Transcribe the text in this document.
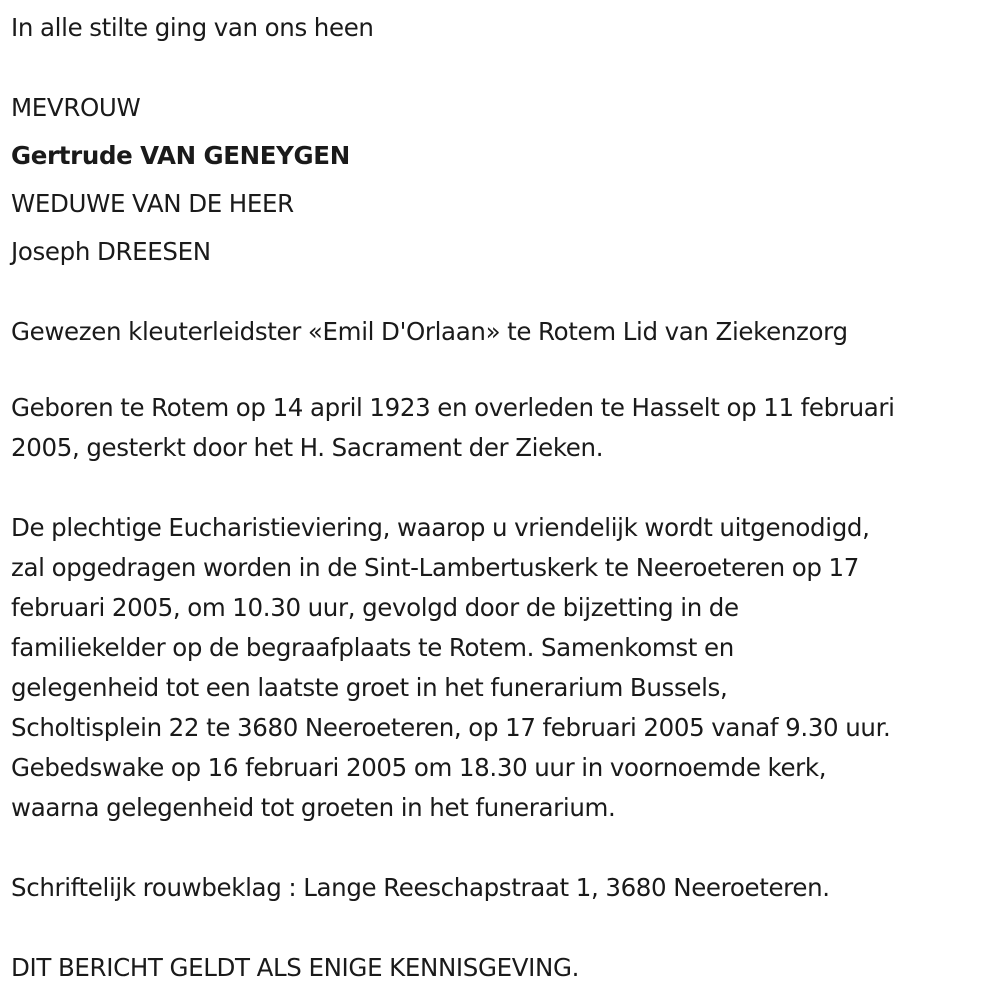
In alle stilte ging van ons heen
MEVROUW
Gertrude VAN GENEYGEN
WEDUWE VAN DE HEER
Joseph DREESEN
Gewezen kleuterleidster «Emil D'Orlaan» te Rotem Lid van Ziekenzorg

Geboren te Rotem op 14 april 1923 en overleden te Hasselt op 11 februari

2005, gesterkt door het H. Sacrament der Zieken.

De plechtige Eucharistieviering, waarop u vriendelijk wordt uitgenodigd,

zal opgedragen worden in de Sint-Lambertuskerk te Neeroeteren op 17

februari 2005, om 10.30 uur, gevolgd door de bijzetting in de

familiekelder op de begraafplaats te Rotem. Samenkomst en

gelegenheid tot een laatste groet in het funerarium Bussels,

Scholtisplein 22 te 3680 Neeroeteren, op 17 februari 2005 vanaf 9.30 uur.

Gebedswake op 16 februari 2005 om 18.30 uur in voornoemde kerk,

waarna gelegenheid tot groeten in het funerarium.

Schriftelijk rouwbeklag : Lange Reeschapstraat 1, 3680 Neeroeteren.

DIT BERICHT GELDT ALS ENIGE KENNISGEVING.
